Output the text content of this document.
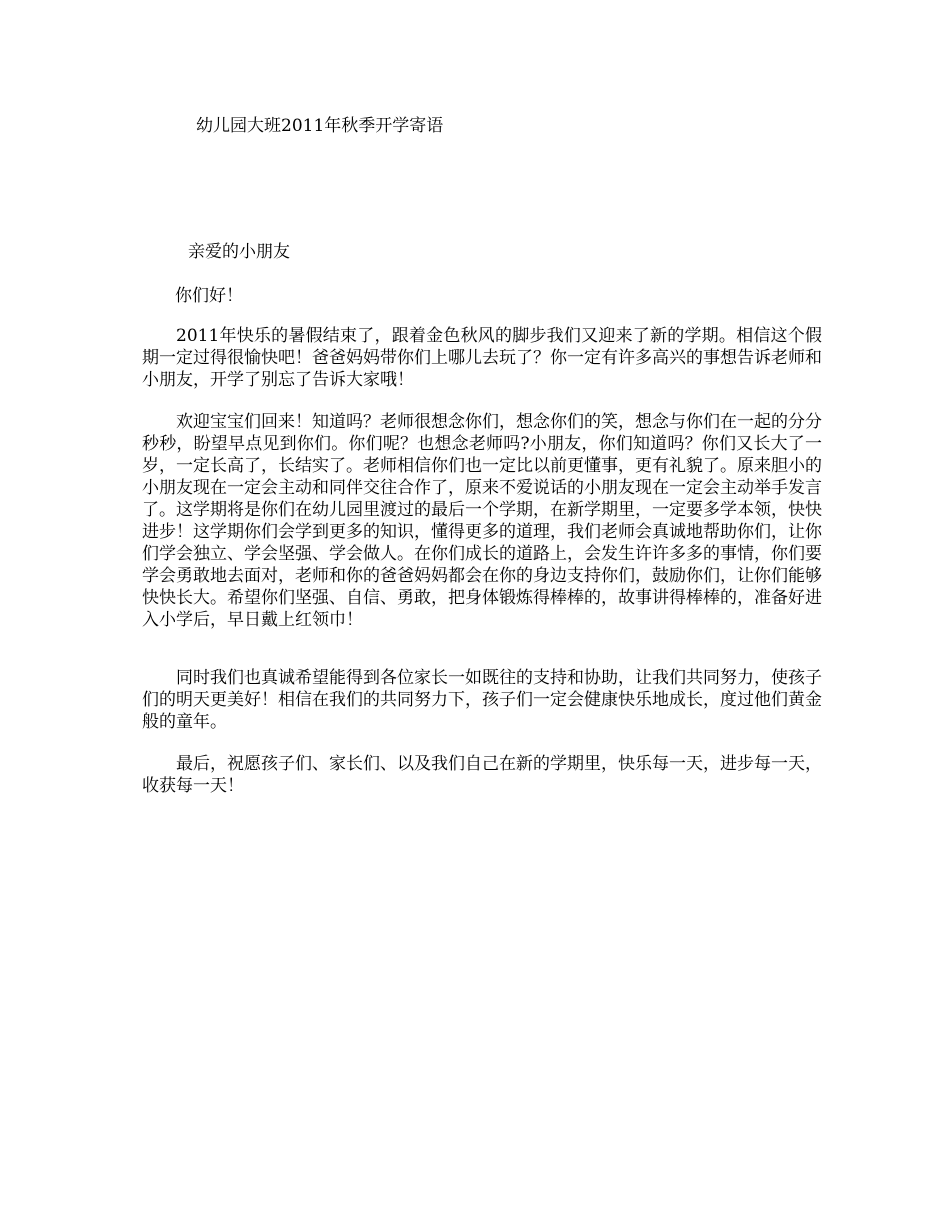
幼儿园大班2011年秋季开学寄语
亲爱的小朋友
你们好！

2011年快乐的暑假结束了，跟着金色秋风的脚步我们又迎来了新的学期。相信这个假期一定过得很愉快吧！爸爸妈妈带你们上哪儿去玩了？你一定有许多高兴的事想告诉老师和小朋友，开学了别忘了告诉大家哦！

欢迎宝宝们回来！知道吗？老师很想念你们，想念你们的笑，想念与你们在一起的分分秒秒，盼望早点见到你们。你们呢？也想念老师吗?小朋友，你们知道吗？你们又长大了一岁，一定长高了，长结实了。老师相信你们也一定比以前更懂事，更有礼貌了。原来胆小的小朋友现在一定会主动和同伴交往合作了，原来不爱说话的小朋友现在一定会主动举手发言了。这学期将是你们在幼儿园里渡过的最后一个学期，在新学期里，一定要多学本领，快快进步！这学期你们会学到更多的知识，懂得更多的道理，我们老师会真诚地帮助你们，让你们学会独立、学会坚强、学会做人。在你们成长的道路上，会发生许许多多的事情，你们要学会勇敢地去面对，老师和你的爸爸妈妈都会在你的身边支持你们，鼓励你们，让你们能够快快长大。希望你们坚强、自信、勇敢，把身体锻炼得棒棒的，故事讲得棒棒的，准备好进入小学后，早日戴上红领巾！

同时我们也真诚希望能得到各位家长一如既往的支持和协助，让我们共同努力，使孩子们的明天更美好！相信在我们的共同努力下，孩子们一定会健康快乐地成长，度过他们黄金般的童年。

最后，祝愿孩子们、家长们、以及我们自己在新的学期里，快乐每一天，进步每一天，收获每一天！
